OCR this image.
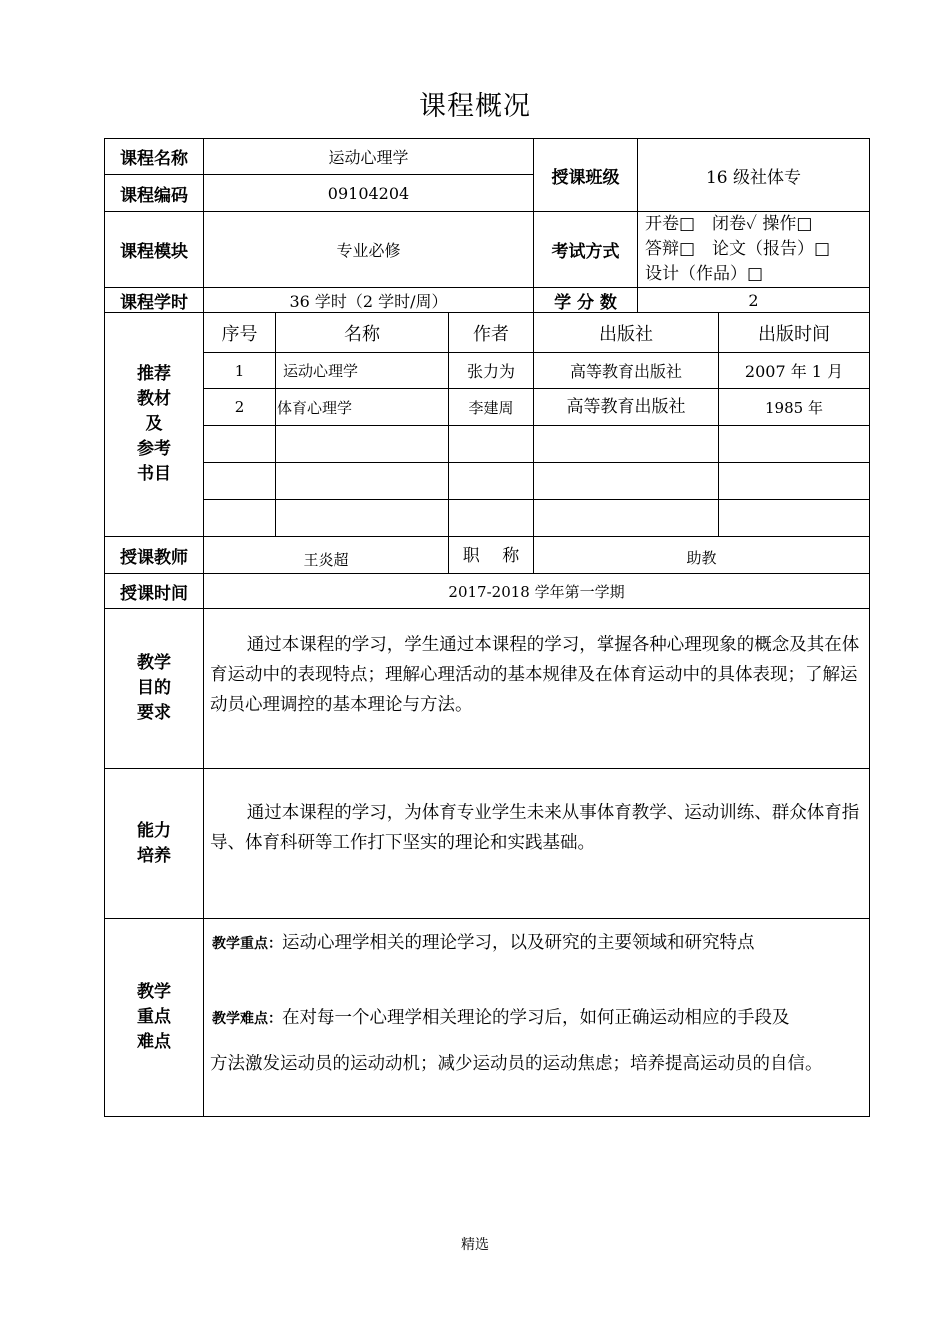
课程概况
课程名称	运动心理学
课程编码	09104204
授课班级	16 级社体专
课程模块	专业必修	考试方式
开卷□　闭卷✓ 操作□
答辩□　论文（报告）□
设计（作品）□
课程学时	36 学时（2 学时/周）	学 分 数	2
推荐
教材
及
参考
书目
序号	名称	作者	出版社	出版时间
1	运动心理学	张力为	高等教育出版社	2007 年 1 月
2	体育心理学	李建周	高等教育出版社	1985 年
授课教师	王炎超	职　 称	助教
授课时间	2017-2018 学年第一学期
教学
目的
要求
通过本课程的学习，学生通过本课程的学习，掌握各种心理现象的概念及其在体育运动中的表现特点；理解心理活动的基本规律及在体育运动中的具体表现；了解运动员心理调控的基本理论与方法。
能力
培养
通过本课程的学习，为体育专业学生未来从事体育教学、运动训练、群众体育指导、体育科研等工作打下坚实的理论和实践基础。
教学
重点
难点
教学重点：运动心理学相关的理论学习，以及研究的主要领域和研究特点
教学难点：在对每一个心理学相关理论的学习后，如何正确运动相应的手段及
方法激发运动员的运动动机；减少运动员的运动焦虑；培养提高运动员的自信。
精选
